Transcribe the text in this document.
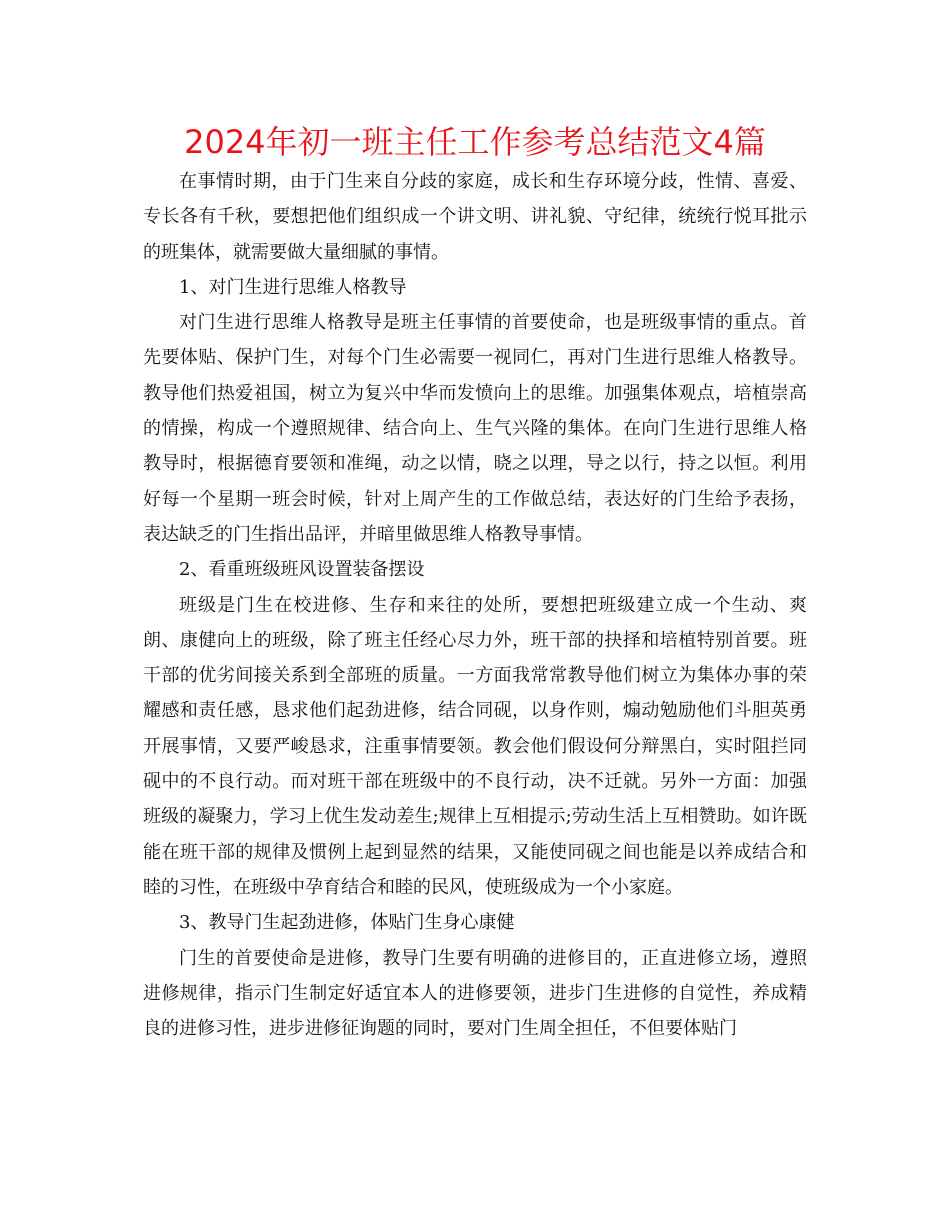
2024年初一班主任工作参考总结范文4篇

在事情时期，由于门生来自分歧的家庭，成长和生存环境分歧，性情、喜爱、专长各有千秋，要想把他们组织成一个讲文明、讲礼貌、守纪律，统统行悦耳批示的班集体，就需要做大量细腻的事情。

1、对门生进行思维人格教导

对门生进行思维人格教导是班主任事情的首要使命，也是班级事情的重点。首先要体贴、保护门生，对每个门生必需要一视同仁，再对门生进行思维人格教导。教导他们热爱祖国，树立为复兴中华而发愤向上的思维。加强集体观点，培植崇高的情操，构成一个遵照规律、结合向上、生气兴隆的集体。在向门生进行思维人格教导时，根据德育要领和准绳，动之以情，晓之以理，导之以行，持之以恒。利用好每一个星期一班会时候，针对上周产生的工作做总结，表达好的门生给予表扬，表达缺乏的门生指出品评，并暗里做思维人格教导事情。

2、看重班级班风设置装备摆设

班级是门生在校进修、生存和来往的处所，要想把班级建立成一个生动、爽朗、康健向上的班级，除了班主任经心尽力外，班干部的抉择和培植特别首要。班干部的优劣间接关系到全部班的质量。一方面我常常教导他们树立为集体办事的荣耀感和责任感，恳求他们起劲进修，结合同砚，以身作则，煽动勉励他们斗胆英勇开展事情，又要严峻恳求，注重事情要领。教会他们假设何分辩黑白，实时阻拦同砚中的不良行动。而对班干部在班级中的不良行动，决不迁就。另外一方面：加强班级的凝聚力，学习上优生发动差生;规律上互相提示;劳动生活上互相赞助。如许既能在班干部的规律及惯例上起到显然的结果，又能使同砚之间也能是以养成结合和睦的习性，在班级中孕育结合和睦的民风，使班级成为一个小家庭。

3、教导门生起劲进修，体贴门生身心康健

门生的首要使命是进修，教导门生要有明确的进修目的，正直进修立场，遵照进修规律，指示门生制定好适宜本人的进修要领，进步门生进修的自觉性，养成精良的进修习性，进步进修征询题的同时，要对门生周全担任，不但要体贴门
